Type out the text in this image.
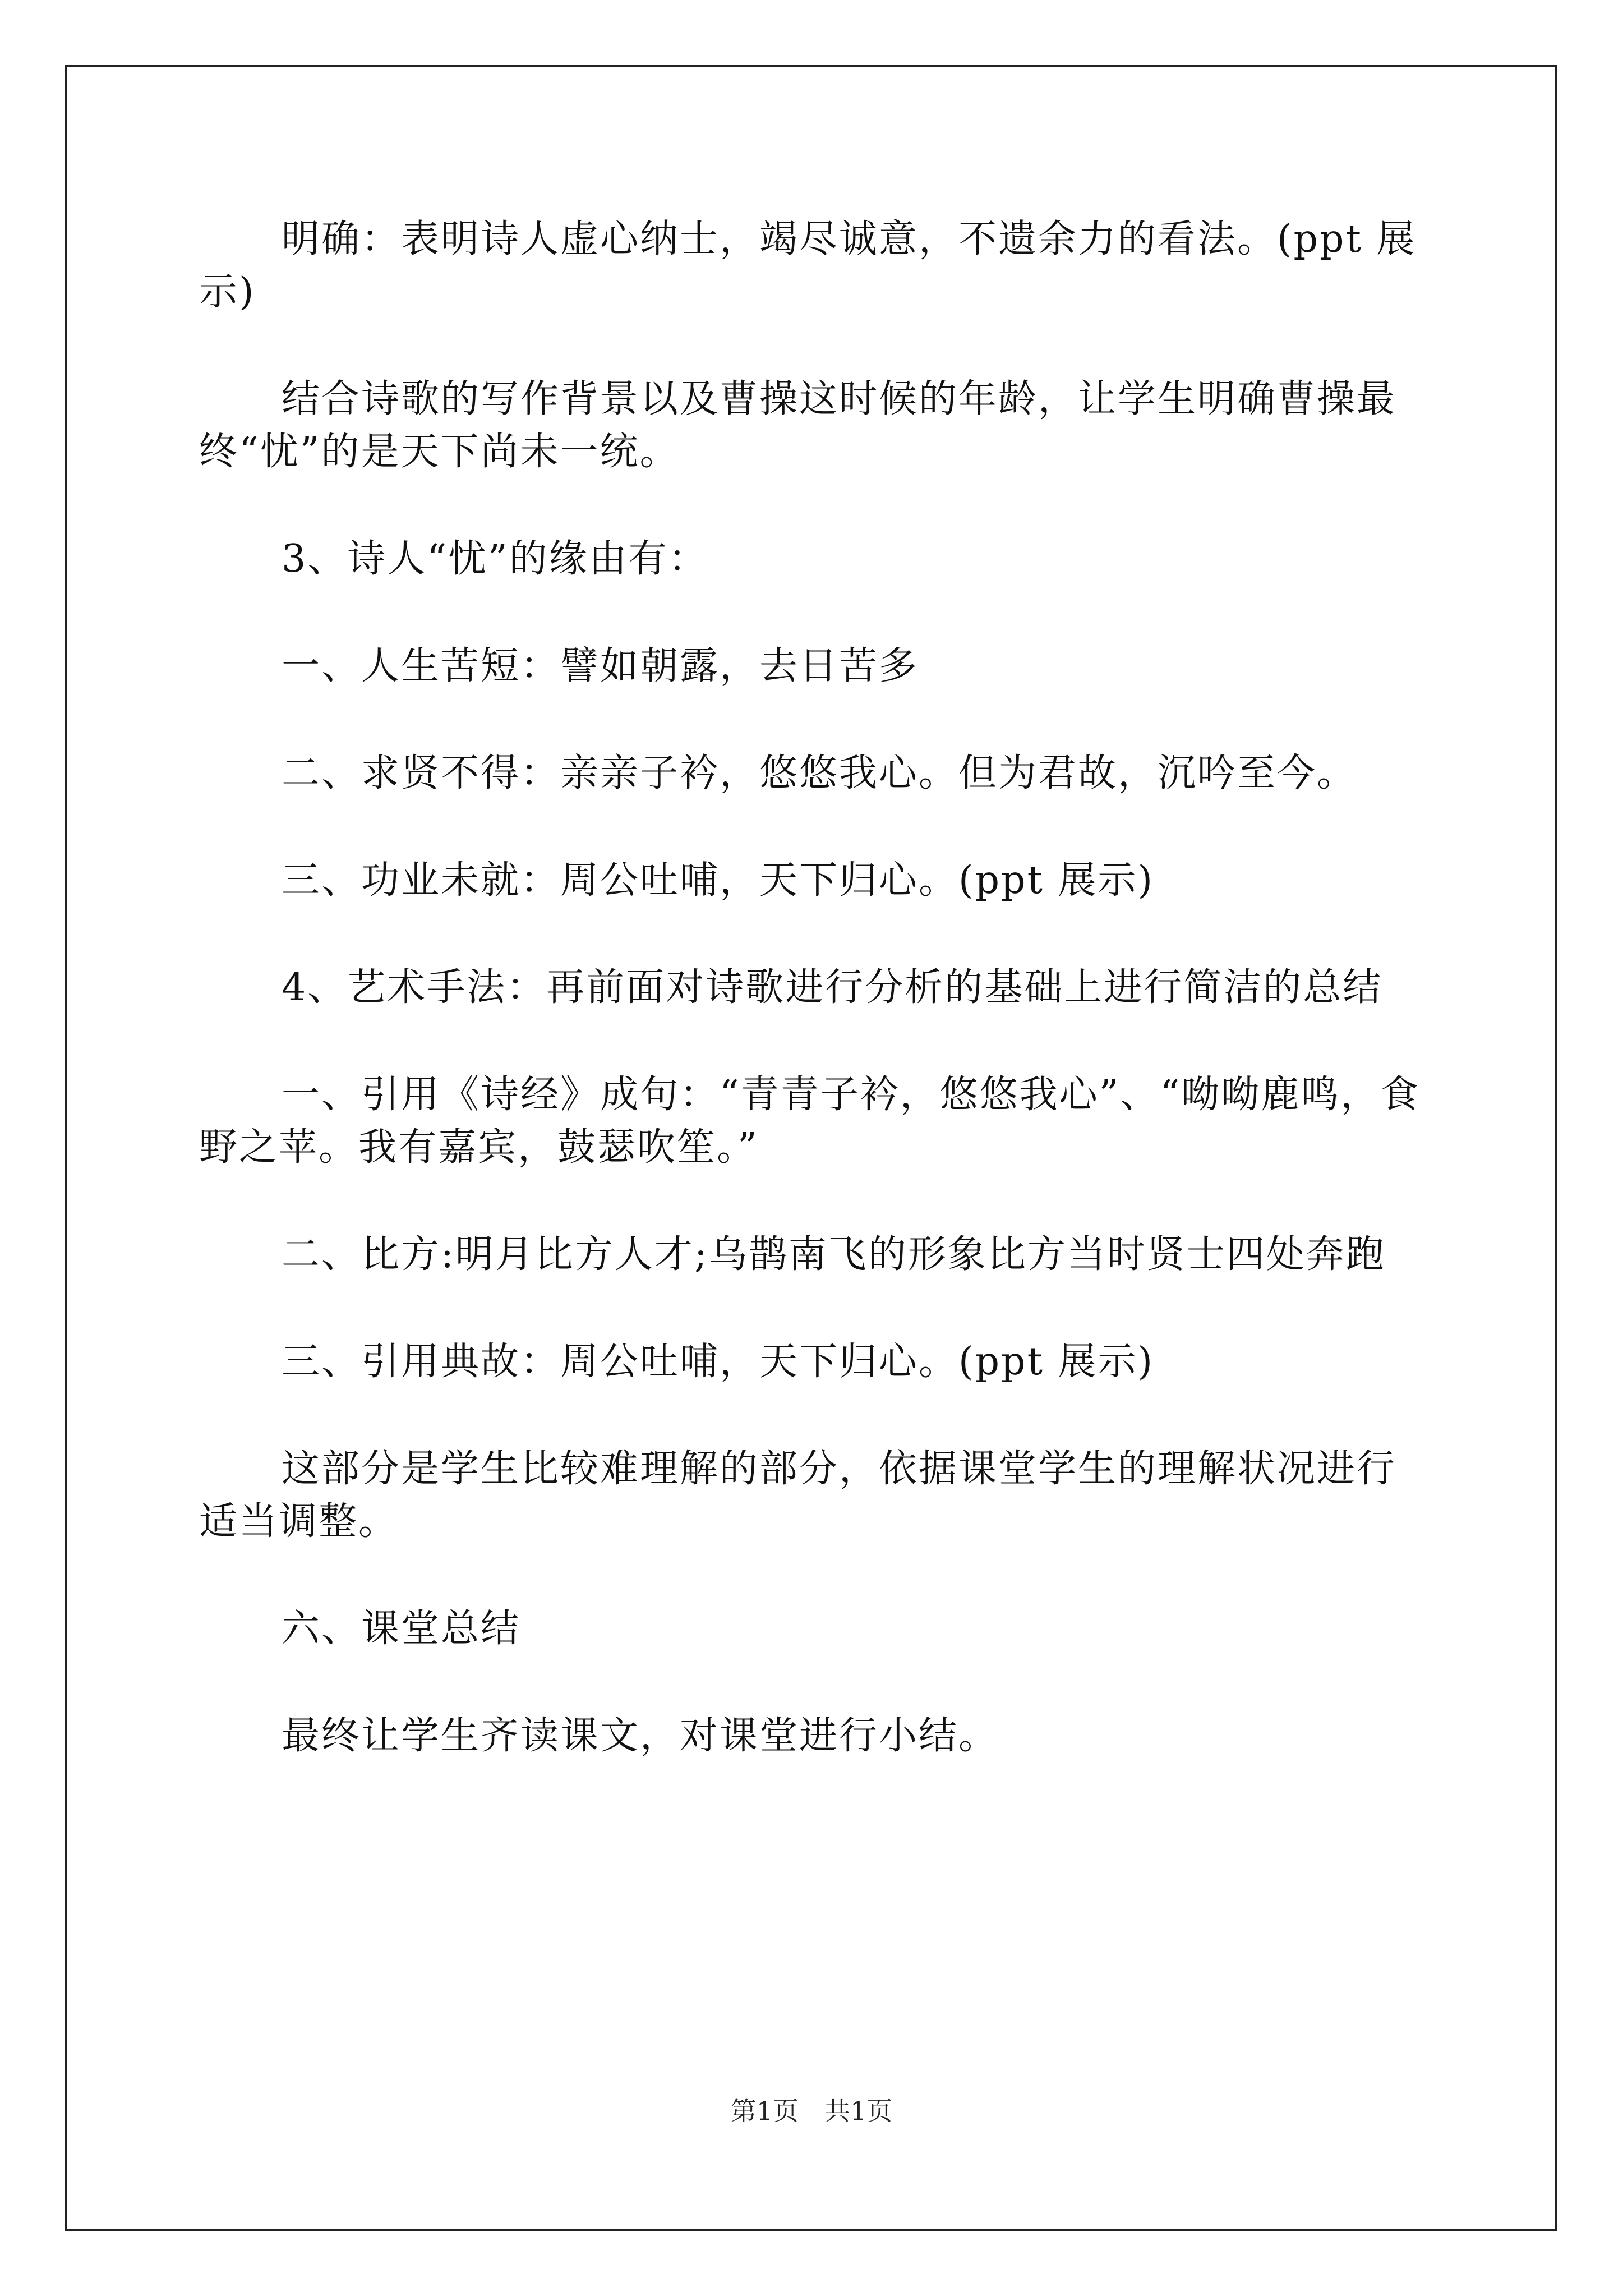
明确：表明诗人虚心纳士，竭尽诚意，不遗余力的看法。(ppt 展示)

结合诗歌的写作背景以及曹操这时候的年龄，让学生明确曹操最终“忧”的是天下尚未一统。

3、诗人“忧”的缘由有：

一、人生苦短：譬如朝露，去日苦多

二、求贤不得：亲亲子衿，悠悠我心。但为君故，沉吟至今。

三、功业未就：周公吐哺，天下归心。(ppt 展示)

4、艺术手法：再前面对诗歌进行分析的基础上进行简洁的总结

一、引用《诗经》成句：“青青子衿，悠悠我心”、“呦呦鹿鸣，食野之苹。我有嘉宾，鼓瑟吹笙。”

二、比方:明月比方人才;乌鹊南飞的形象比方当时贤士四处奔跑

三、引用典故：周公吐哺，天下归心。(ppt 展示)

这部分是学生比较难理解的部分，依据课堂学生的理解状况进行适当调整。

六、课堂总结

最终让学生齐读课文，对课堂进行小结。

第1页 共1页
